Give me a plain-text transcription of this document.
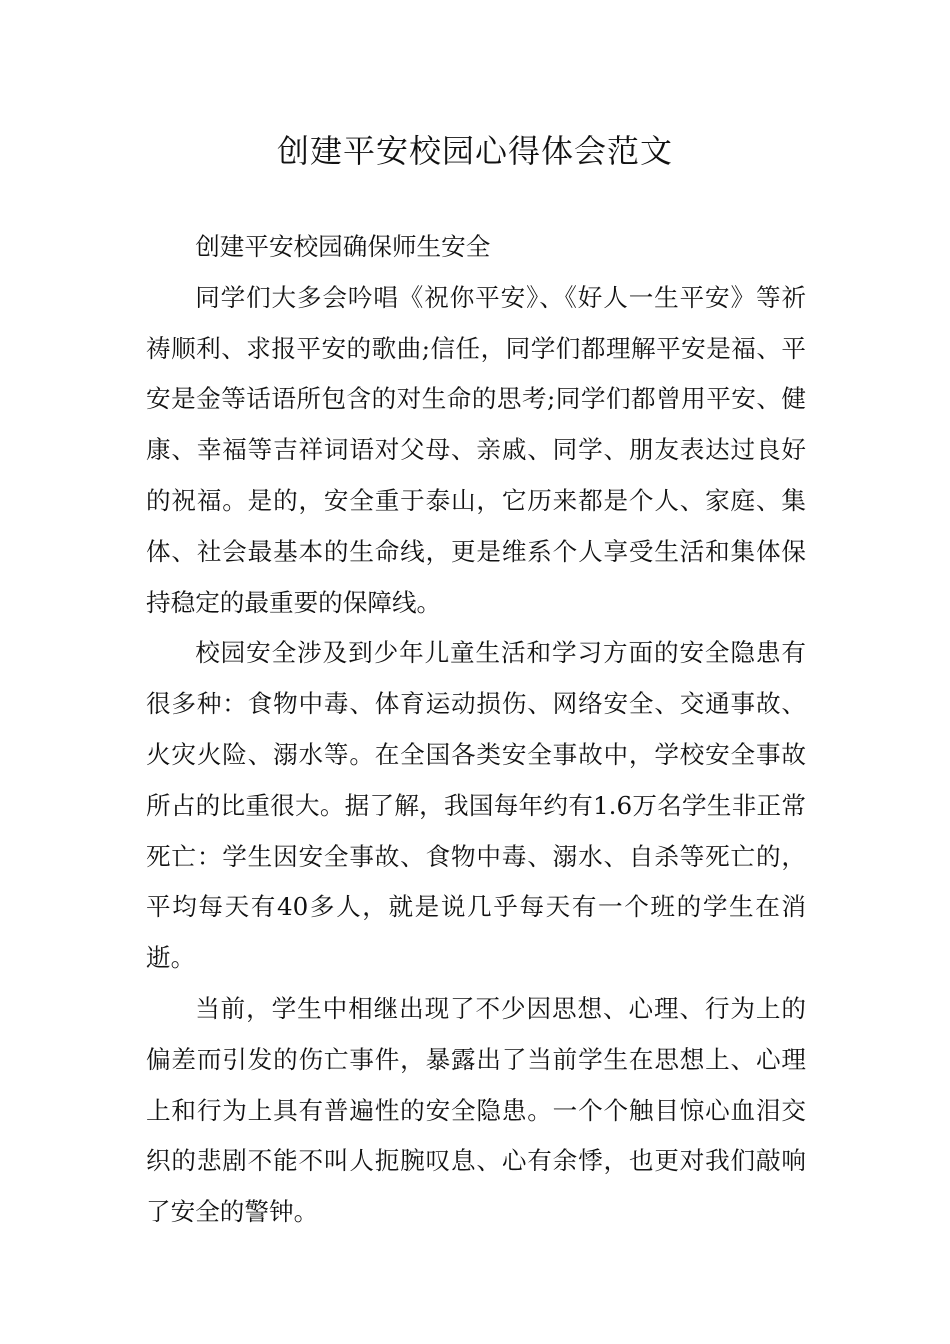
创建平安校园心得体会范文

创建平安校园确保师生安全

同学们大多会吟唱《祝你平安》、《好人一生平安》等祈祷顺利、求报平安的歌曲;信任，同学们都理解平安是福、平安是金等话语所包含的对生命的思考;同学们都曾用平安、健康、幸福等吉祥词语对父母、亲戚、同学、朋友表达过良好的祝福。是的，安全重于泰山，它历来都是个人、家庭、集体、社会最基本的生命线，更是维系个人享受生活和集体保持稳定的最重要的保障线。

校园安全涉及到少年儿童生活和学习方面的安全隐患有很多种：食物中毒、体育运动损伤、网络安全、交通事故、火灾火险、溺水等。在全国各类安全事故中，学校安全事故所占的比重很大。据了解，我国每年约有1.6万名学生非正常死亡：学生因安全事故、食物中毒、溺水、自杀等死亡的，平均每天有40多人，就是说几乎每天有一个班的学生在消逝。

当前，学生中相继出现了不少因思想、心理、行为上的偏差而引发的伤亡事件，暴露出了当前学生在思想上、心理上和行为上具有普遍性的安全隐患。一个个触目惊心血泪交织的悲剧不能不叫人扼腕叹息、心有余悸，也更对我们敲响了安全的警钟。
